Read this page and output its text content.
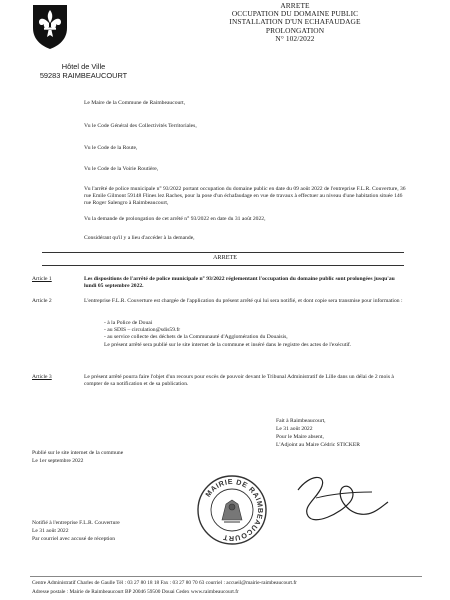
ARRETE
OCCUPATION DU DOMAINE PUBLIC
INSTALLATION D'UN ECHAFAUDAGE
PROLONGATION
N° 102/2022
Hôtel de Ville
59283 RAIMBEAUCOURT
Le Maire de la Commune de Raimbeaucourt,
Vu le Code Général des Collectivités Territoriales,
Vu le Code de la Route,
Vu le Code de la Voirie Routière,
Vu l'arrêté de police municipale n° 93/2022 portant occupation du domaine public en date du 09 août 2022 de l'entreprise F.L.R. Couverture, 36 rue Emile Gilmont 59148 Flines lez Raches, pour la pose d'un échafaudage en vue de travaux à effectuer au niveau d'une habitation située 146 rue Roger Salengro à Raimbeaucourt,
Vu la demande de prolongation de cet arrêté n° 93/2022 en date du 31 août 2022,
Considérant qu'il y a lieu d'accéder à la demande,
ARRETE
Article 1	Les dispositions de l'arrêté de police municipale n° 93/2022 réglementant l'occupation du domaine public sont prolongées jusqu'au lundi 05 septembre 2022.
Article 2	L'entreprise F.L.R. Couverture est chargée de l'application du présent arrêté qui lui sera notifié, et dont copie sera transmise pour information :
- à la Police de Douai
- au SDIS – circulation@sdis59.fr
- au service collecte des déchets de la Communauté d'Agglomération du Douaisis,
Le présent arrêté sera publié sur le site internet de la commune et inséré dans le registre des actes de l'exécutif.
Article 3	Le présent arrêté pourra faire l'objet d'un recours pour excès de pouvoir devant le Tribunal Administratif de Lille dans un délai de 2 mois à compter de sa notification et de sa publication.
Fait à Raimbeaucourt,
Le 31 août 2022
Pour le Maire absent,
L'Adjoint au Maire Cédric STICKER
Publié sur le site internet de la commune
Le 1er septembre 2022
MAIRIE DE RAIMBEAUCOURT
Notifié à l'entreprise F.L.R. Couverture
Le 31 août 2022
Par courriel avec accusé de réception
Centre Administratif Charles de Gaulle Tél : 03 27 80 18 18 Fax : 03 27 80 70 63 courriel : accueil@mairie-raimbeaucourt.fr
Adresse postale : Mairie de Raimbeaucourt BP 20046 59500 Douai Cedex www.raimbeaucourt.fr
